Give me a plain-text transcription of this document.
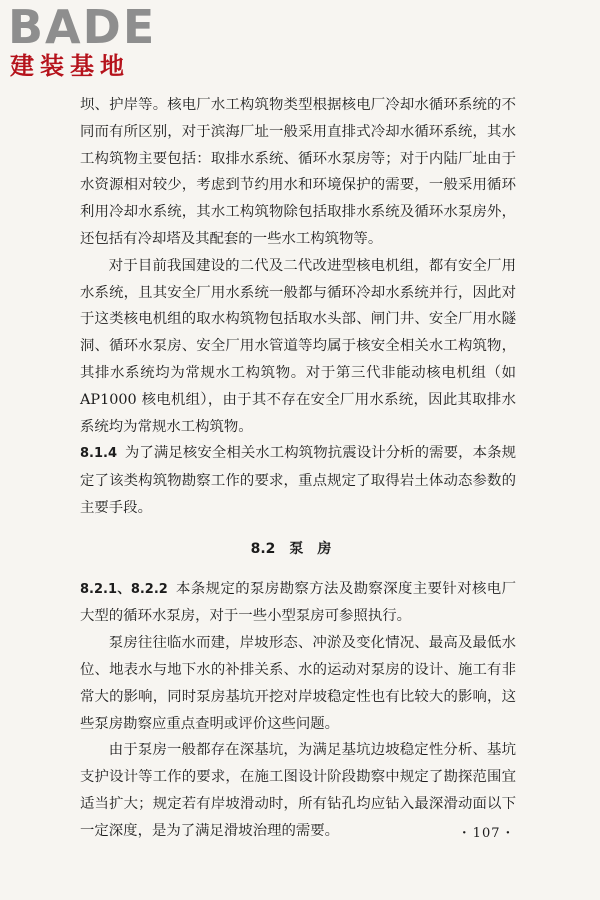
BADE
建装基地

坝、护岸等。核电厂水工构筑物类型根据核电厂冷却水循环系统的不同而有所区别，对于滨海厂址一般采用直排式冷却水循环系统，其水工构筑物主要包括：取排水系统、循环水泵房等；对于内陆厂址由于水资源相对较少，考虑到节约用水和环境保护的需要，一般采用循环利用冷却水系统，其水工构筑物除包括取排水系统及循环水泵房外，还包括有冷却塔及其配套的一些水工构筑物等。

对于目前我国建设的二代及二代改进型核电机组，都有安全厂用水系统，且其安全厂用水系统一般都与循环冷却水系统并行，因此对于这类核电机组的取水构筑物包括取水头部、闸门井、安全厂用水隧洞、循环水泵房、安全厂用水管道等均属于核安全相关水工构筑物，其排水系统均为常规水工构筑物。对于第三代非能动核电机组（如 AP1000 核电机组），由于其不存在安全厂用水系统，因此其取排水系统均为常规水工构筑物。

8.1.4 为了满足核安全相关水工构筑物抗震设计分析的需要，本条规定了该类构筑物勘察工作的要求，重点规定了取得岩土体动态参数的主要手段。

8.2 泵房

8.2.1、8.2.2 本条规定的泵房勘察方法及勘察深度主要针对核电厂大型的循环水泵房，对于一些小型泵房可参照执行。

泵房往往临水而建，岸坡形态、冲淤及变化情况、最高及最低水位、地表水与地下水的补排关系、水的运动对泵房的设计、施工有非常大的影响，同时泵房基坑开挖对岸坡稳定性也有比较大的影响，这些泵房勘察应重点查明或评价这些问题。

由于泵房一般都存在深基坑，为满足基坑边坡稳定性分析、基坑支护设计等工作的要求，在施工图设计阶段勘察中规定了勘探范围宜适当扩大；规定若有岸坡滑动时，所有钻孔均应钻入最深滑动面以下一定深度，是为了满足滑坡治理的需要。	· 107 ·
